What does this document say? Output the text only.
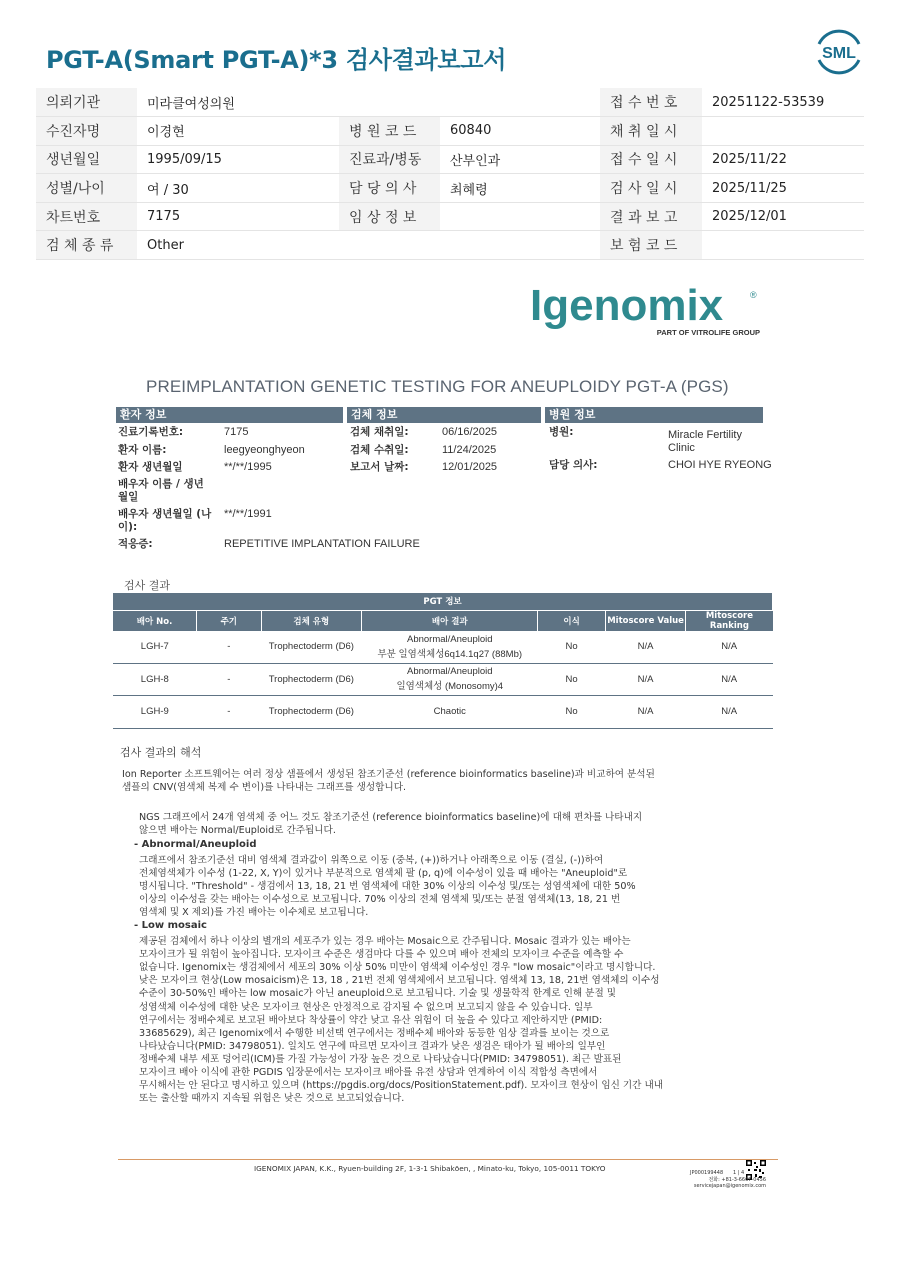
PGT-A(Smart PGT-A)*3 검사결과보고서	SML
의뢰기관	미라클여성의원			접 수 번 호	20251122-53539
수진자명	이경현	병 원 코 드	60840	채 취 일 시	
생년월일	1995/09/15	진료과/병동	산부인과	접 수 일 시	2025/11/22
성별/나이	여 / 30	담 당 의 사	최혜령	검 사 일 시	2025/11/25
차트번호	7175	임 상 정 보		결 과 보 고	2025/12/01
검 체 종 류	Other			보 험 코 드	
Igenomix	®
PART OF VITROLIFE GROUP
PREIMPLANTATION GENETIC TESTING FOR ANEUPLOIDY PGT-A (PGS)
환자 정보	검체 정보	병원 정보
진료기록번호:	7175
환자 이름:	leegyeonghyeon
환자 생년월일	**/**/1995
배우자 이름 / 생년월일
배우자 생년월일 (나이):
**/**/1991
적응증:	REPETITIVE IMPLANTATION FAILURE
검체 채취일:	06/16/2025
검체 수취일:	11/24/2025
보고서 날짜:	12/01/2025
병원:	Miracle Fertility Clinic
담당 의사:	CHOI HYE RYEONG
검사 결과
PGT 정보						
배아 No.	주기	검체 유형	배아 결과	이식	Mitoscore Value	Mitoscore Ranking
LGH-7	-	Trophectoderm (D6)	Abnormal/Aneuploid
부분 일염색체성6q14.1q27 (88Mb)	No	N/A	N/A
LGH-8	-	Trophectoderm (D6)	Abnormal/Aneuploid
일염색체성 (Monosomy)4	No	N/A	N/A
LGH-9	-	Trophectoderm (D6)	Chaotic	No	N/A	N/A
검사 결과의 해석
Ion Reporter 소프트웨어는 여러 정상 샘플에서 생성된 참조기준선 (reference bioinformatics baseline)과 비교하여 분석된
샘플의 CNV(염색체 복제 수 변이)를 나타내는 그래프를 생성합니다.
NGS 그래프에서 24개 염색체 중 어느 것도 참조기준선 (reference bioinformatics baseline)에 대해 편차를 나타내지
않으면 배아는 Normal/Euploid로 간주됩니다.
- Abnormal/Aneuploid
그래프에서 참조기준선 대비 염색체 결과값이 위쪽으로 이동 (중복, (+))하거나 아래쪽으로 이동 (결실, (-))하여
전체염색체가 이수성 (1-22, X, Y)이 있거나 부분적으로 염색체 팔 (p, q)에 이수성이 있을 때 배아는 "Aneuploid"로
명시됩니다. "Threshold" - 생검에서 13, 18, 21 번 염색체에 대한 30% 이상의 이수성 및/또는 성염색체에 대한 50%
이상의 이수성을 갖는 배아는 이수성으로 보고됩니다. 70% 이상의 전체 염색체 및/또는 분절 염색체(13, 18, 21 번
염색체 및 X 제외)를 가진 배아는 이수체로 보고됩니다.
- Low mosaic
제공된 검체에서 하나 이상의 별개의 세포주가 있는 경우 배아는 Mosaic으로 간주됩니다. Mosaic 결과가 있는 배아는
모자이크가 될 위험이 높아집니다. 모자이크 수준은 생검마다 다를 수 있으며 배아 전체의 모자이크 수준을 예측할 수
없습니다. Igenomix는 생검체에서 세포의 30% 이상 50% 미만이 염색체 이수성인 경우 "low mosaic"이라고 명시합니다.
낮은 모자이크 현상(Low mosaicism)은 13, 18 , 21번 전체 염색체에서 보고됩니다. 염색체 13, 18, 21번 염색체의 이수성
수준이 30-50%인 배아는 low mosaic가 아닌 aneuploid으로 보고됩니다. 기술 및 생물학적 한계로 인해 분절 및
성염색체 이수성에 대한 낮은 모자이크 현상은 안정적으로 감지될 수 없으며 보고되지 않을 수 있습니다. 일부
연구에서는 정배수체로 보고된 배아보다 착상률이 약간 낮고 유산 위험이 더 높을 수 있다고 제안하지만 (PMID:
33685629), 최근 Igenomix에서 수행한 비선택 연구에서는 정배수체 배아와 동등한 임상 결과를 보이는 것으로
나타났습니다(PMID: 34798051). 일치도 연구에 따르면 모자이크 결과가 낮은 생검은 태아가 될 배아의 일부인
정배수체 내부 세포 덩어리(ICM)를 가질 가능성이 가장 높은 것으로 나타났습니다(PMID: 34798051). 최근 발표된
모자이크 배아 이식에 관한 PGDIS 입장문에서는 모자이크 배아를 유전 상담과 연계하여 이식 적합성 측면에서
무시해서는 안 된다고 명시하고 있으며 (https://pgdis.org/docs/PositionStatement.pdf). 모자이크 현상이 임신 기간 내내
또는 출산할 때까지 지속될 위험은 낮은 것으로 보고되었습니다.
IGENOMIX JAPAN, K.K., Ryuen-building 2F, 1-3-1 Shibakōen, , Minato-ku, Tokyo, 105-0011 TOKYO	JP000199448 1 | 4
전화: +81-3-6667-0456
servicejapan@igenomix.com
